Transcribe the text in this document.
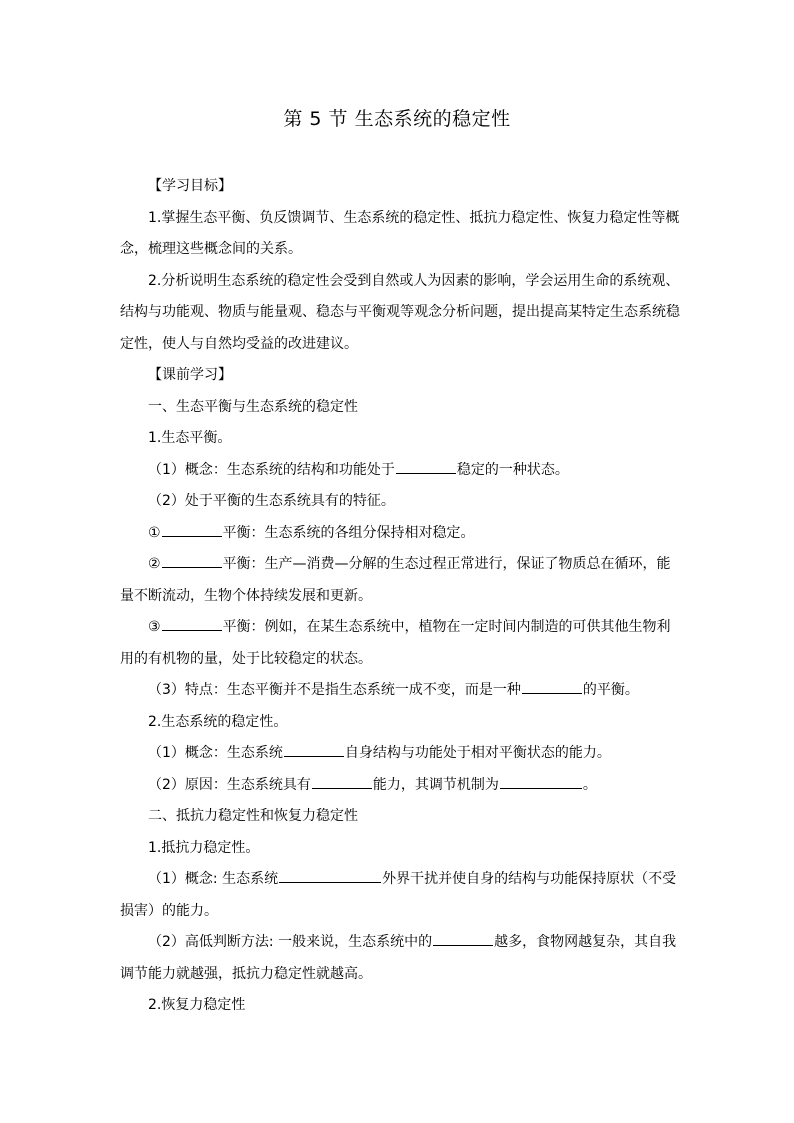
第 5 节 生态系统的稳定性

【学习目标】

1.掌握生态平衡、负反馈调节、生态系统的稳定性、抵抗力稳定性、恢复力稳定性等概念，梳理这些概念间的关系。

2.分析说明生态系统的稳定性会受到自然或人为因素的影响，学会运用生命的系统观、结构与功能观、物质与能量观、稳态与平衡观等观念分析问题，提出提高某特定生态系统稳定性，使人与自然均受益的改进建议。

【课前学习】

一、生态平衡与生态系统的稳定性

1.生态平衡。

（1）概念：生态系统的结构和功能处于	稳定的一种状态。

（2）处于平衡的生态系统具有的特征。

①	平衡：生态系统的各组分保持相对稳定。

②	平衡：生产—消费—分解的生态过程正常进行，保证了物质总在循环，能量不断流动，生物个体持续发展和更新。

③	平衡：例如，在某生态系统中，植物在一定时间内制造的可供其他生物利用的有机物的量，处于比较稳定的状态。

（3）特点：生态平衡并不是指生态系统一成不变，而是一种	的平衡。

2.生态系统的稳定性。

（1）概念：生态系统	自身结构与功能处于相对平衡状态的能力。

（2）原因：生态系统具有	能力，其调节机制为	。

二、抵抗力稳定性和恢复力稳定性

1.抵抗力稳定性。

（1）概念: 生态系统	外界干扰并使自身的结构与功能保持原状（不受损害）的能力。

（2）高低判断方法: 一般来说，生态系统中的	越多，食物网越复杂，其自我调节能力就越强，抵抗力稳定性就越高。

2.恢复力稳定性
